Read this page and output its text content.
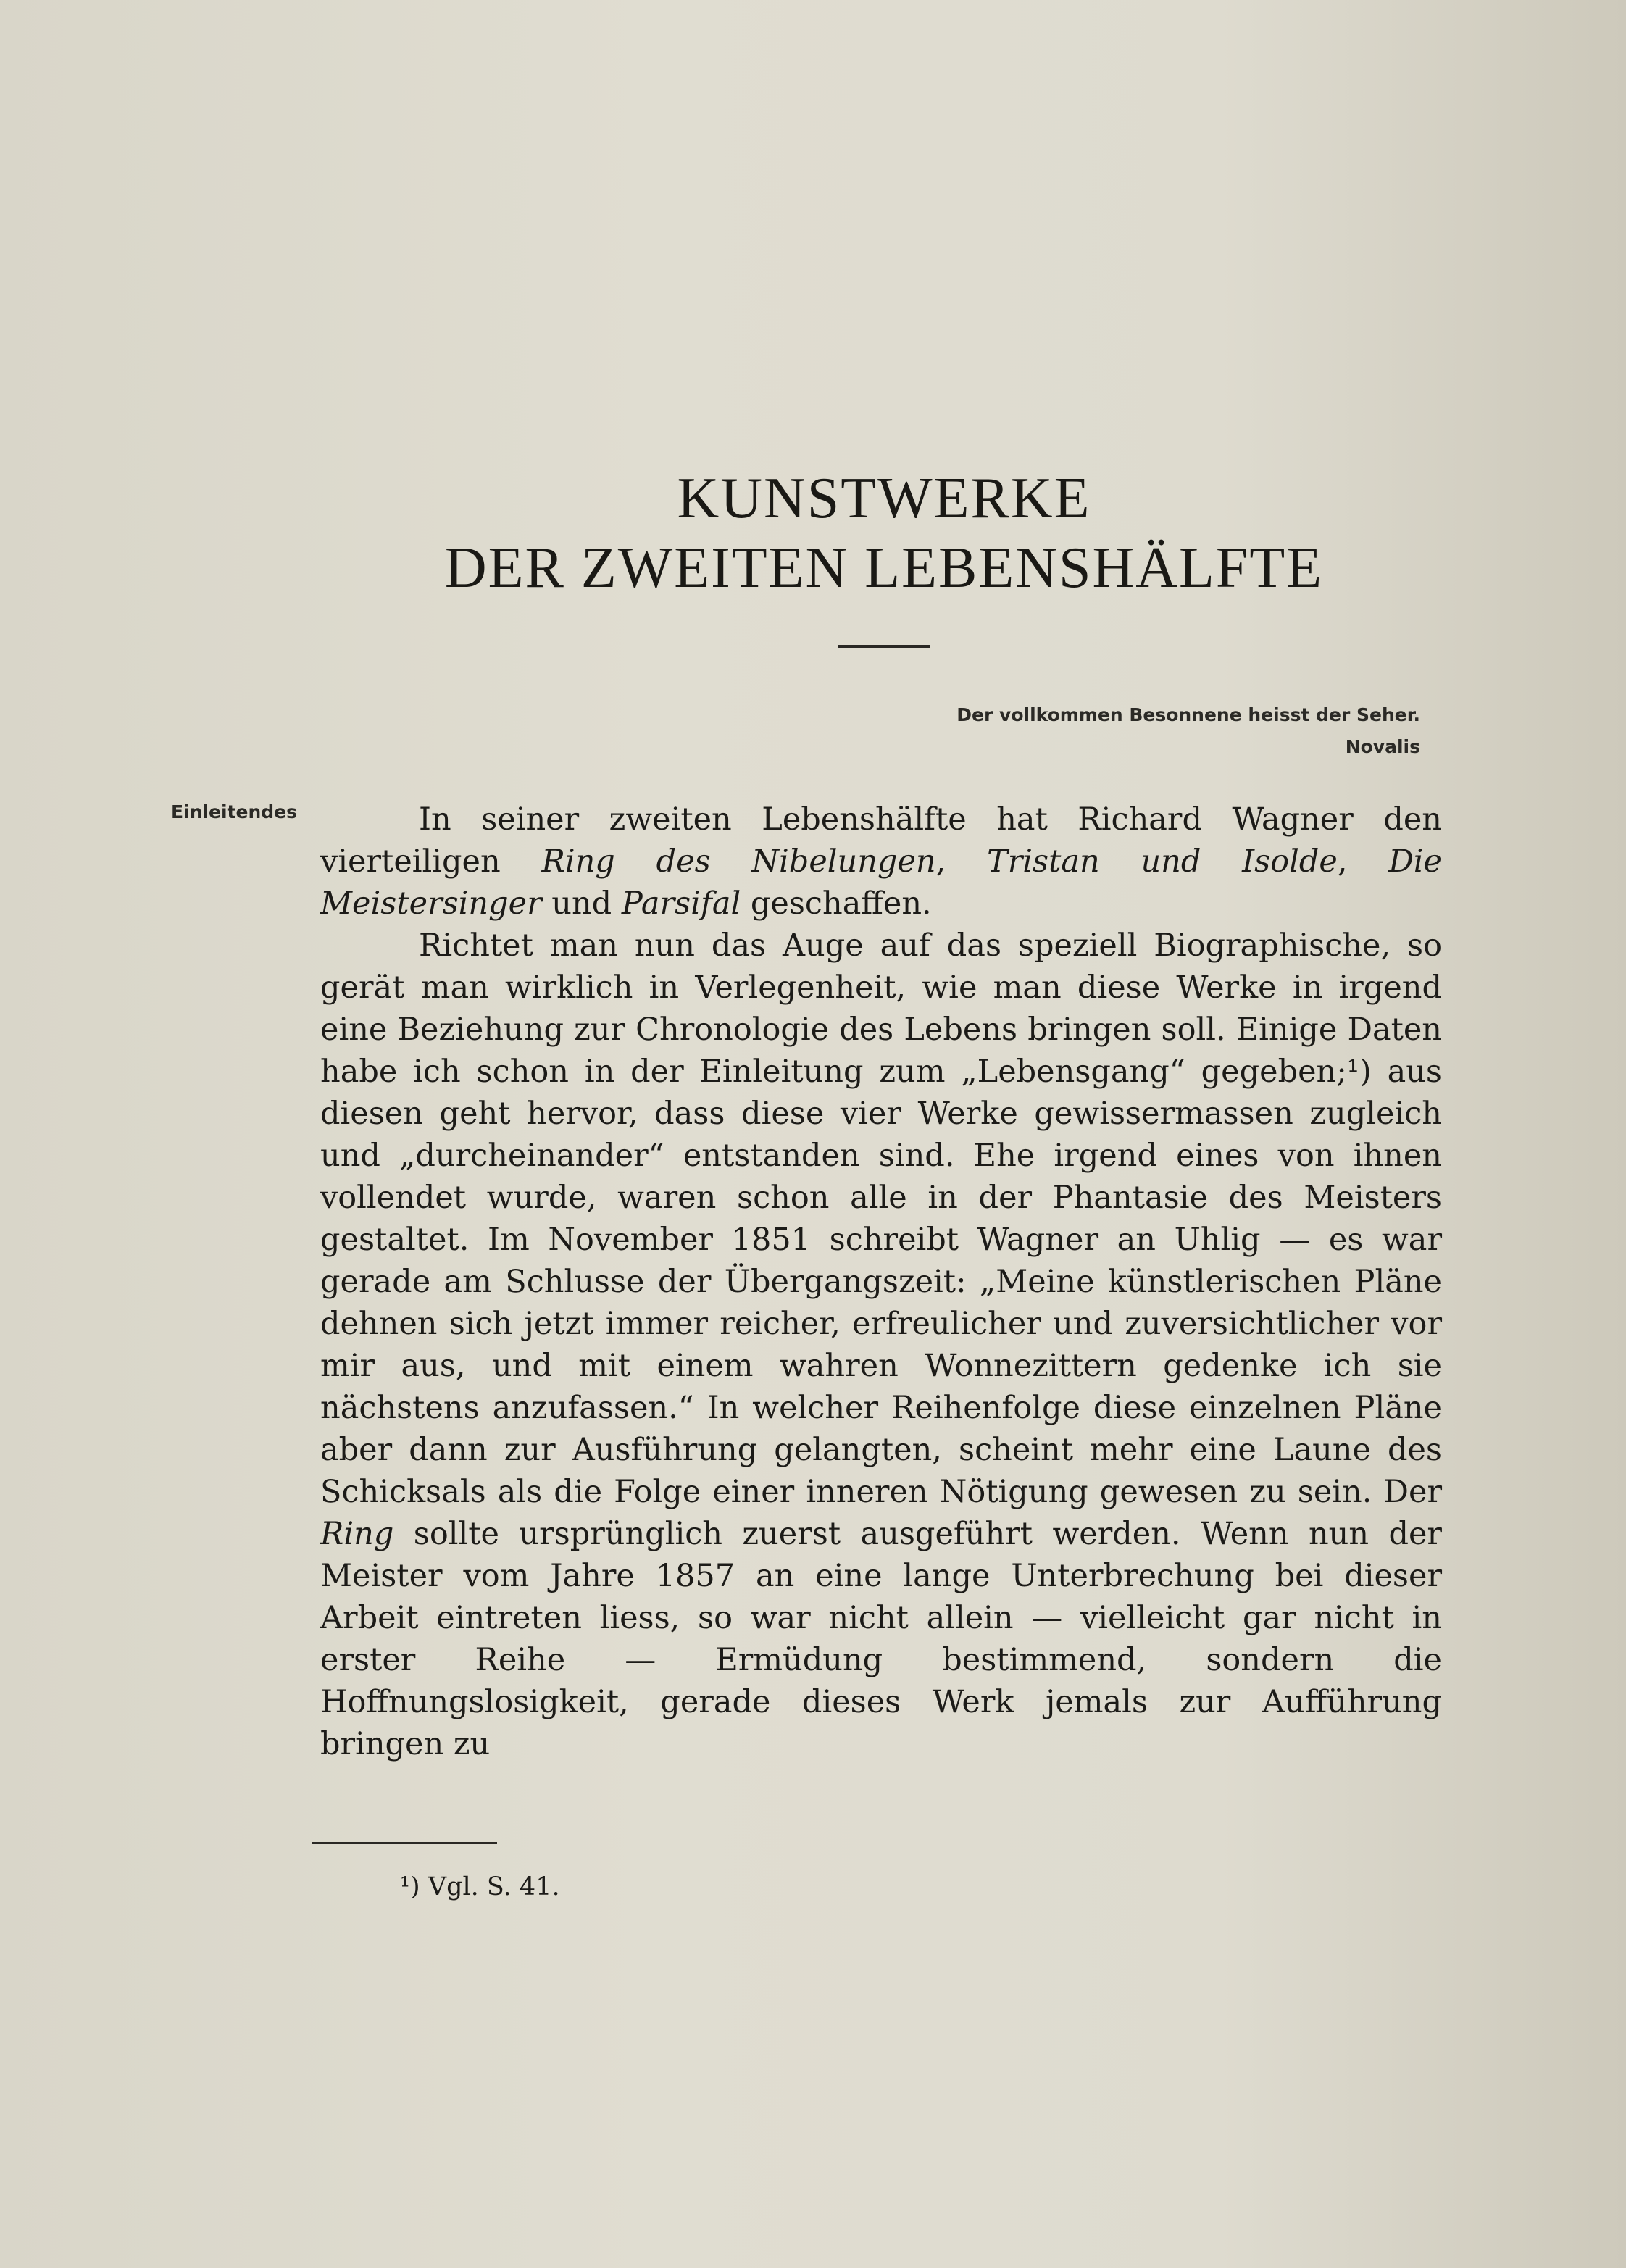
KUNSTWERKE
DER ZWEITEN LEBENSHÄLFTE
Der vollkommen Besonnene heisst der Seher.
Novalis
Einleitendes	In seiner zweiten Lebenshälfte hat Richard Wagner den vierteiligen Ring des Nibelungen, Tristan und Isolde, Die Meistersinger und Parsifal geschaffen.

Richtet man nun das Auge auf das speziell Biographische, so gerät man wirklich in Verlegenheit, wie man diese Werke in irgend eine Beziehung zur Chronologie des Lebens bringen soll. Einige Daten habe ich schon in der Einleitung zum „Lebensgang“ gegeben;¹) aus diesen geht hervor, dass diese vier Werke gewissermassen zugleich und „durcheinander“ entstanden sind. Ehe irgend eines von ihnen vollendet wurde, waren schon alle in der Phantasie des Meisters gestaltet. Im November 1851 schreibt Wagner an Uhlig — es war gerade am Schlusse der Übergangszeit: „Meine künstlerischen Pläne dehnen sich jetzt immer reicher, erfreulicher und zuversichtlicher vor mir aus, und mit einem wahren Wonnezittern gedenke ich sie nächstens anzufassen.“ In welcher Reihenfolge diese einzelnen Pläne aber dann zur Ausführung gelangten, scheint mehr eine Laune des Schicksals als die Folge einer inneren Nötigung gewesen zu sein. Der Ring sollte ursprünglich zuerst ausgeführt werden. Wenn nun der Meister vom Jahre 1857 an eine lange Unterbrechung bei dieser Arbeit eintreten liess, so war nicht allein — vielleicht gar nicht in erster Reihe — Ermüdung bestimmend, sondern die Hoffnungslosigkeit, gerade dieses Werk jemals zur Aufführung bringen zu

¹) Vgl. S. 41.
